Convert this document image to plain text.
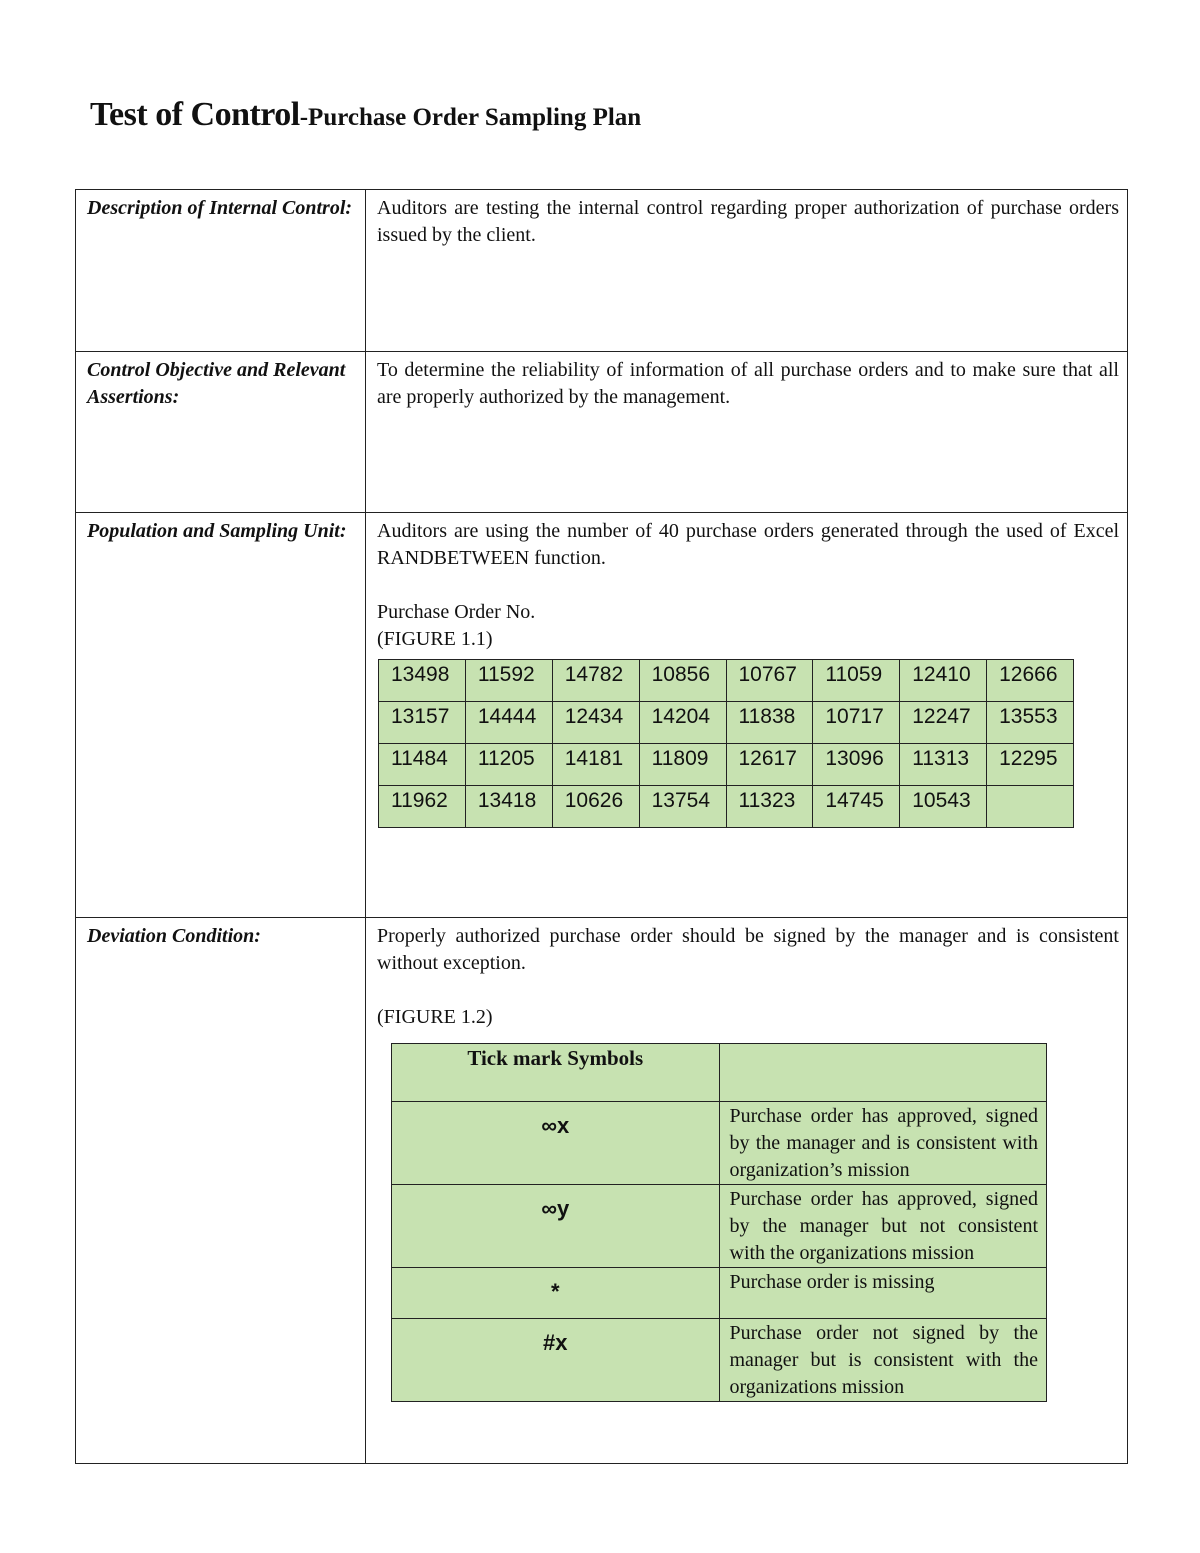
Test of Control-Purchase Order Sampling Plan
Description of Internal Control:	Auditors are testing the internal control regarding proper authorization of purchase orders issued by the client.

Control Objective and Relevant Assertions:

To determine the reliability of information of all purchase orders and to make sure that all are properly authorized by the management.

Population and Sampling Unit:	Auditors are using the number of 40 purchase orders generated through the used of Excel RANDBETWEEN function.
Purchase Order No.
(FIGURE 1.1)
13498	11592	14782	10856	10767	11059	12410	12666
13157	14444	12434	14204	11838	10717	12247	13553
11484	11205	14181	11809	12617	13096	11313	12295
11962	13418	10626	13754	11323	14745	10543	

Deviation Condition:	Properly authorized purchase order should be signed by the manager and is consistent without exception.
(FIGURE 1.2)
Tick mark Symbols	
∞x	Purchase order has approved, signed by the manager and is consistent with organization’s mission
∞y	Purchase order has approved, signed by the manager but not consistent with the organizations mission
*	Purchase order is missing
#x	Purchase order not signed by the manager but is consistent with the organizations mission
